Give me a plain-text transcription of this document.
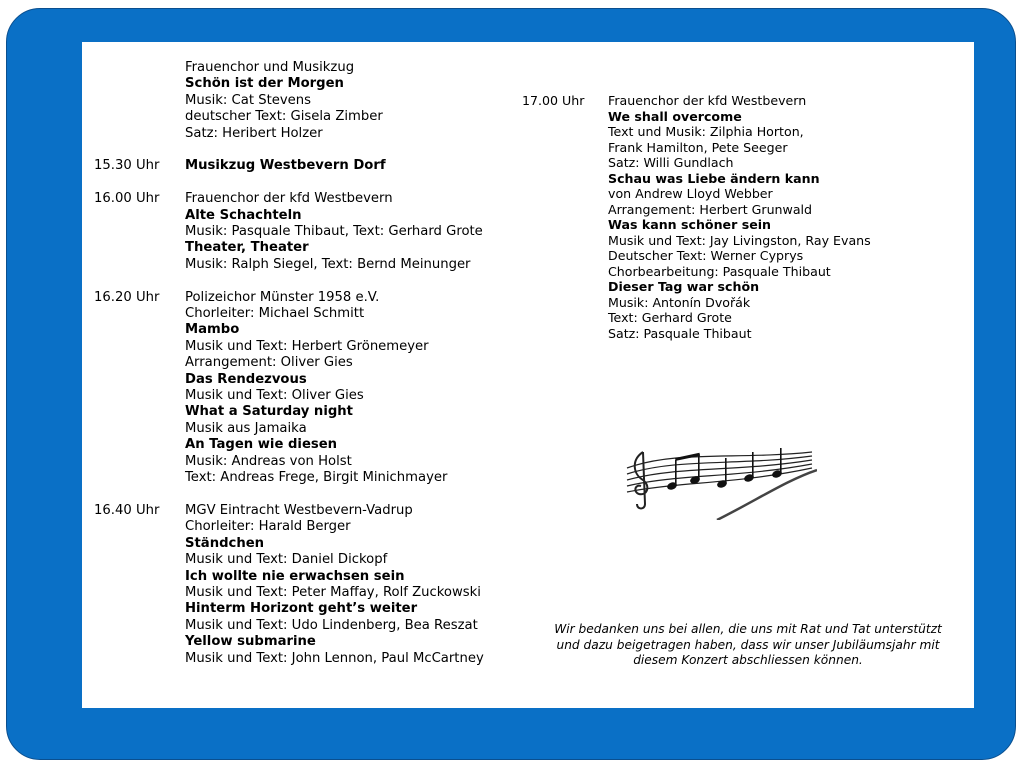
Frauenchor und Musikzug
Schön ist der Morgen
Musik: Cat Stevens
deutscher Text: Gisela Zimber
Satz: Heribert Holzer
15.30 Uhr	Musikzug Westbevern Dorf
16.00 Uhr	Frauenchor der kfd Westbevern
Alte Schachteln
Musik: Pasquale Thibaut, Text: Gerhard Grote
Theater, Theater
Musik: Ralph Siegel, Text: Bernd Meinunger
16.20 Uhr	Polizeichor Münster 1958 e.V.
Chorleiter: Michael Schmitt
Mambo
Musik und Text: Herbert Grönemeyer
Arrangement: Oliver Gies
Das Rendezvous
Musik und Text: Oliver Gies
What a Saturday night
Musik aus Jamaika
An Tagen wie diesen
Musik: Andreas von Holst
Text: Andreas Frege, Birgit Minichmayer
16.40 Uhr	MGV Eintracht Westbevern-Vadrup
Chorleiter: Harald Berger
Ständchen
Musik und Text: Daniel Dickopf
Ich wollte nie erwachsen sein
Musik und Text: Peter Maffay, Rolf Zuckowski
Hinterm Horizont geht’s weiter
Musik und Text: Udo Lindenberg, Bea Reszat
Yellow submarine
Musik und Text: John Lennon, Paul McCartney
17.00 Uhr	Frauenchor der kfd Westbevern
We shall overcome
Text und Musik: Zilphia Horton,
Frank Hamilton, Pete Seeger
Satz: Willi Gundlach
Schau was Liebe ändern kann
von Andrew Lloyd Webber
Arrangement: Herbert Grunwald
Was kann schöner sein
Musik und Text: Jay Livingston, Ray Evans
Deutscher Text: Werner Cyprys
Chorbearbeitung: Pasquale Thibaut
Dieser Tag war schön
Musik: Antonín Dvořák
Text: Gerhard Grote
Satz: Pasquale Thibaut
Wir bedanken uns bei allen, die uns mit Rat und Tat unterstützt
und dazu beigetragen haben, dass wir unser Jubiläumsjahr mit
diesem Konzert abschliessen können.
